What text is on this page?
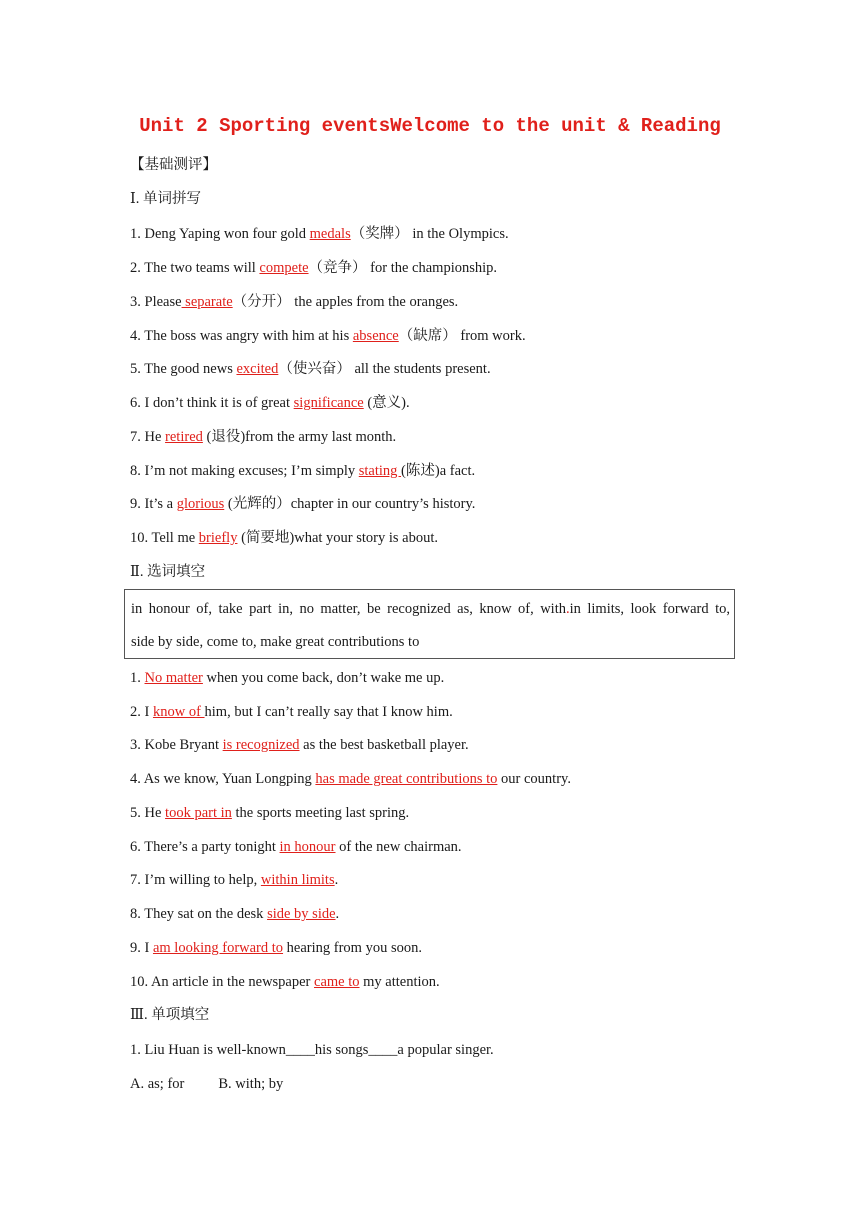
Unit 2 Sporting eventsWelcome to the unit & Reading
【基础测评】
Ⅰ. 单词拼写
1. Deng Yaping won four gold medals（奖牌） in the Olympics.
2. The two teams will compete（竞争） for the championship.
3. Please separate（分开） the apples from the oranges.
4. The boss was angry with him at his absence（缺席） from work.
5. The good news excited（使兴奋） all the students present.
6. I don’t think it is of great significance (意义).
7. He retired (退役)from the army last month.
8. I’m not making excuses; I’m simply stating (陈述)a fact.
9. It’s a glorious (光辉的）chapter in our country’s history.
10. Tell me briefly (简要地)what your story is about.
Ⅱ. 选词填空
in honour of, take part in, no matter, be recognized as, know of, with.in limits, look forward to,
side by side, come to, make great contributions to
1. No matter when you come back, don’t wake me up.
2. I know of him, but I can’t really say that I know him.
3. Kobe Bryant is recognized as the best basketball player.
4. As we know, Yuan Longping has made great contributions to our country.
5. He took part in the sports meeting last spring.
6. There’s a party tonight in honour of the new chairman.
7. I’m willing to help, within limits.
8. They sat on the desk side by side.
9. I am looking forward to hearing from you soon.
10. An article in the newspaper came to my attention.
Ⅲ. 单项填空
1. Liu Huan is well-known____his songs____a popular singer.
A. as; for B. with; by
